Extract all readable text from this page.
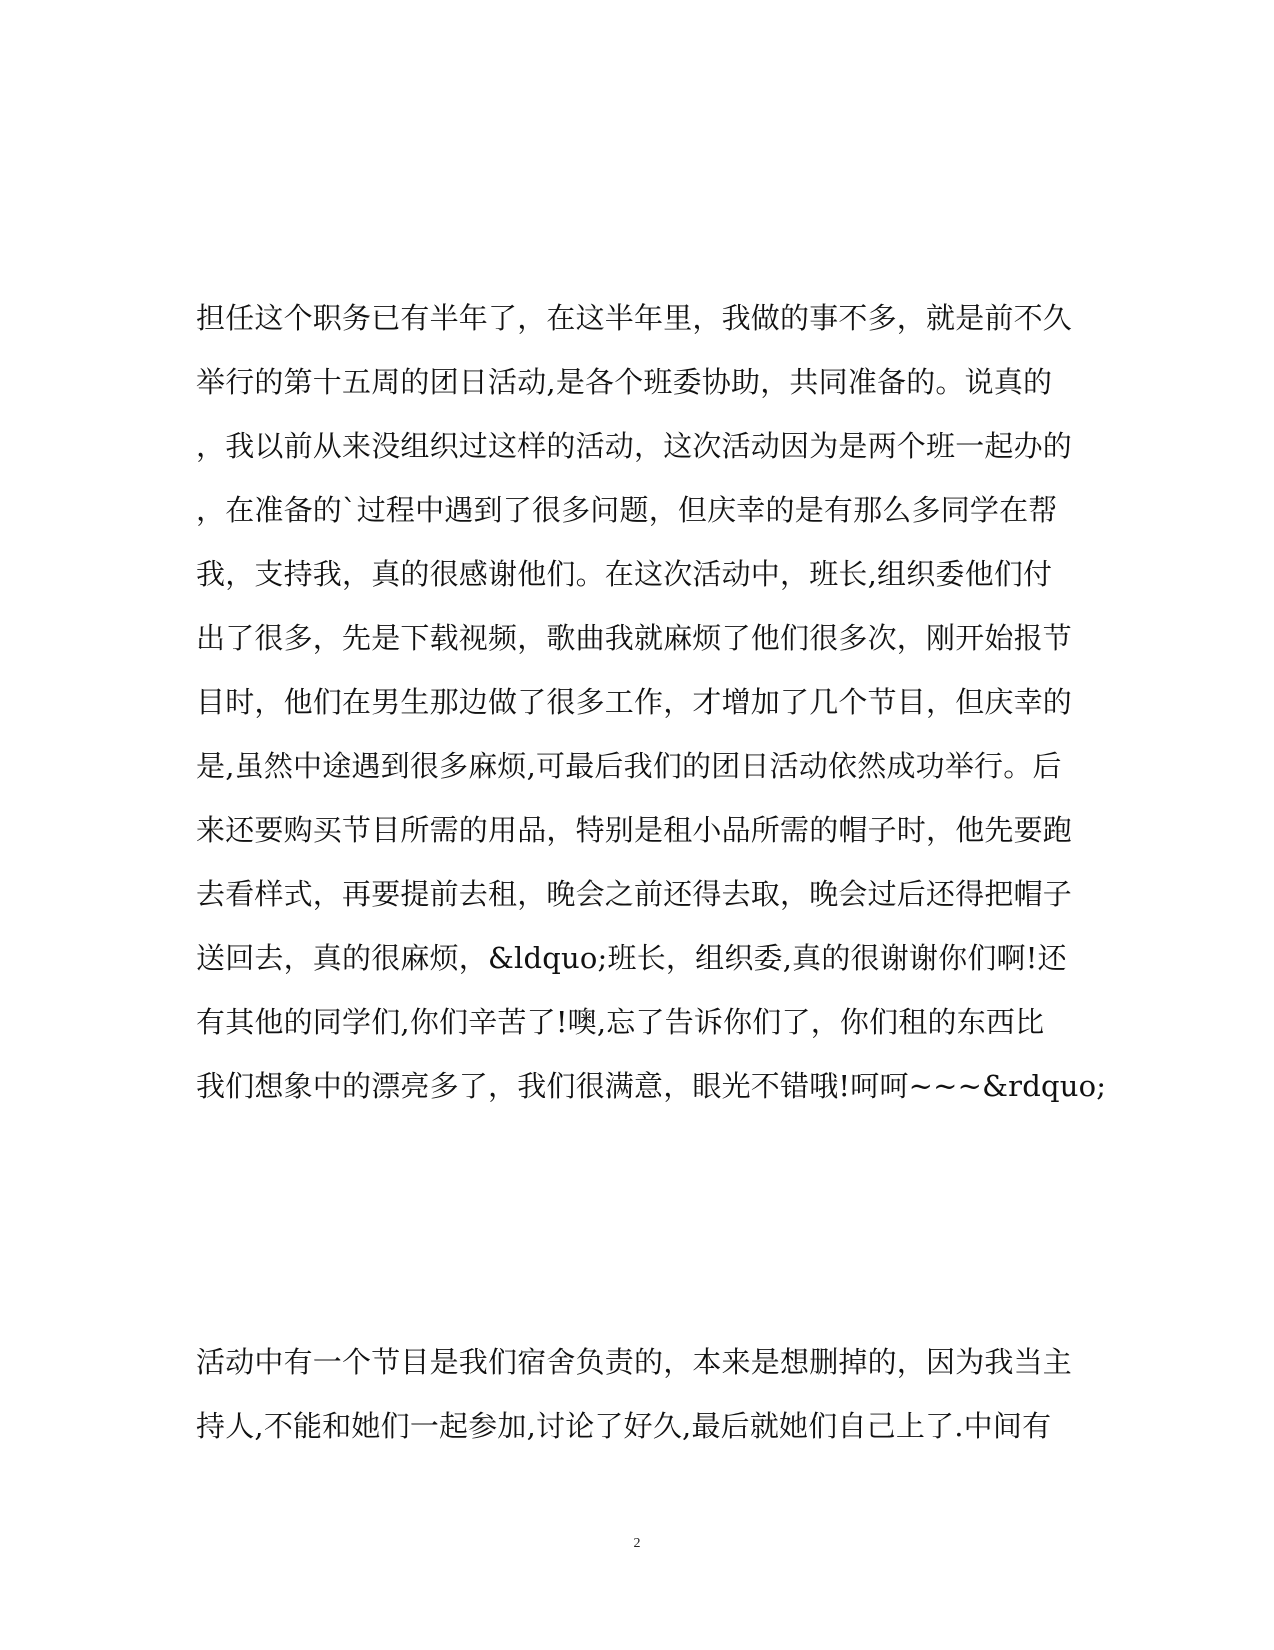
担任这个职务已有半年了，在这半年里，我做的事不多，就是前不久
举行的第十五周的团日活动,是各个班委协助，共同准备的。说真的
，我以前从来没组织过这样的活动，这次活动因为是两个班一起办的
，在准备的`过程中遇到了很多问题，但庆幸的是有那么多同学在帮
我，支持我，真的很感谢他们。在这次活动中，班长,组织委他们付
出了很多，先是下载视频，歌曲我就麻烦了他们很多次，刚开始报节
目时，他们在男生那边做了很多工作，才增加了几个节目，但庆幸的
是,虽然中途遇到很多麻烦,可最后我们的团日活动依然成功举行。后
来还要购买节目所需的用品，特别是租小品所需的帽子时，他先要跑
去看样式，再要提前去租，晚会之前还得去取，晚会过后还得把帽子
送回去，真的很麻烦，&ldquo;班长，组织委,真的很谢谢你们啊!还
有其他的同学们,你们辛苦了!噢,忘了告诉你们了，你们租的东西比
我们想象中的漂亮多了，我们很满意，眼光不错哦!呵呵~~~&rdquo;
活动中有一个节目是我们宿舍负责的，本来是想删掉的，因为我当主
持人,不能和她们一起参加,讨论了好久,最后就她们自己上了.中间有
2
